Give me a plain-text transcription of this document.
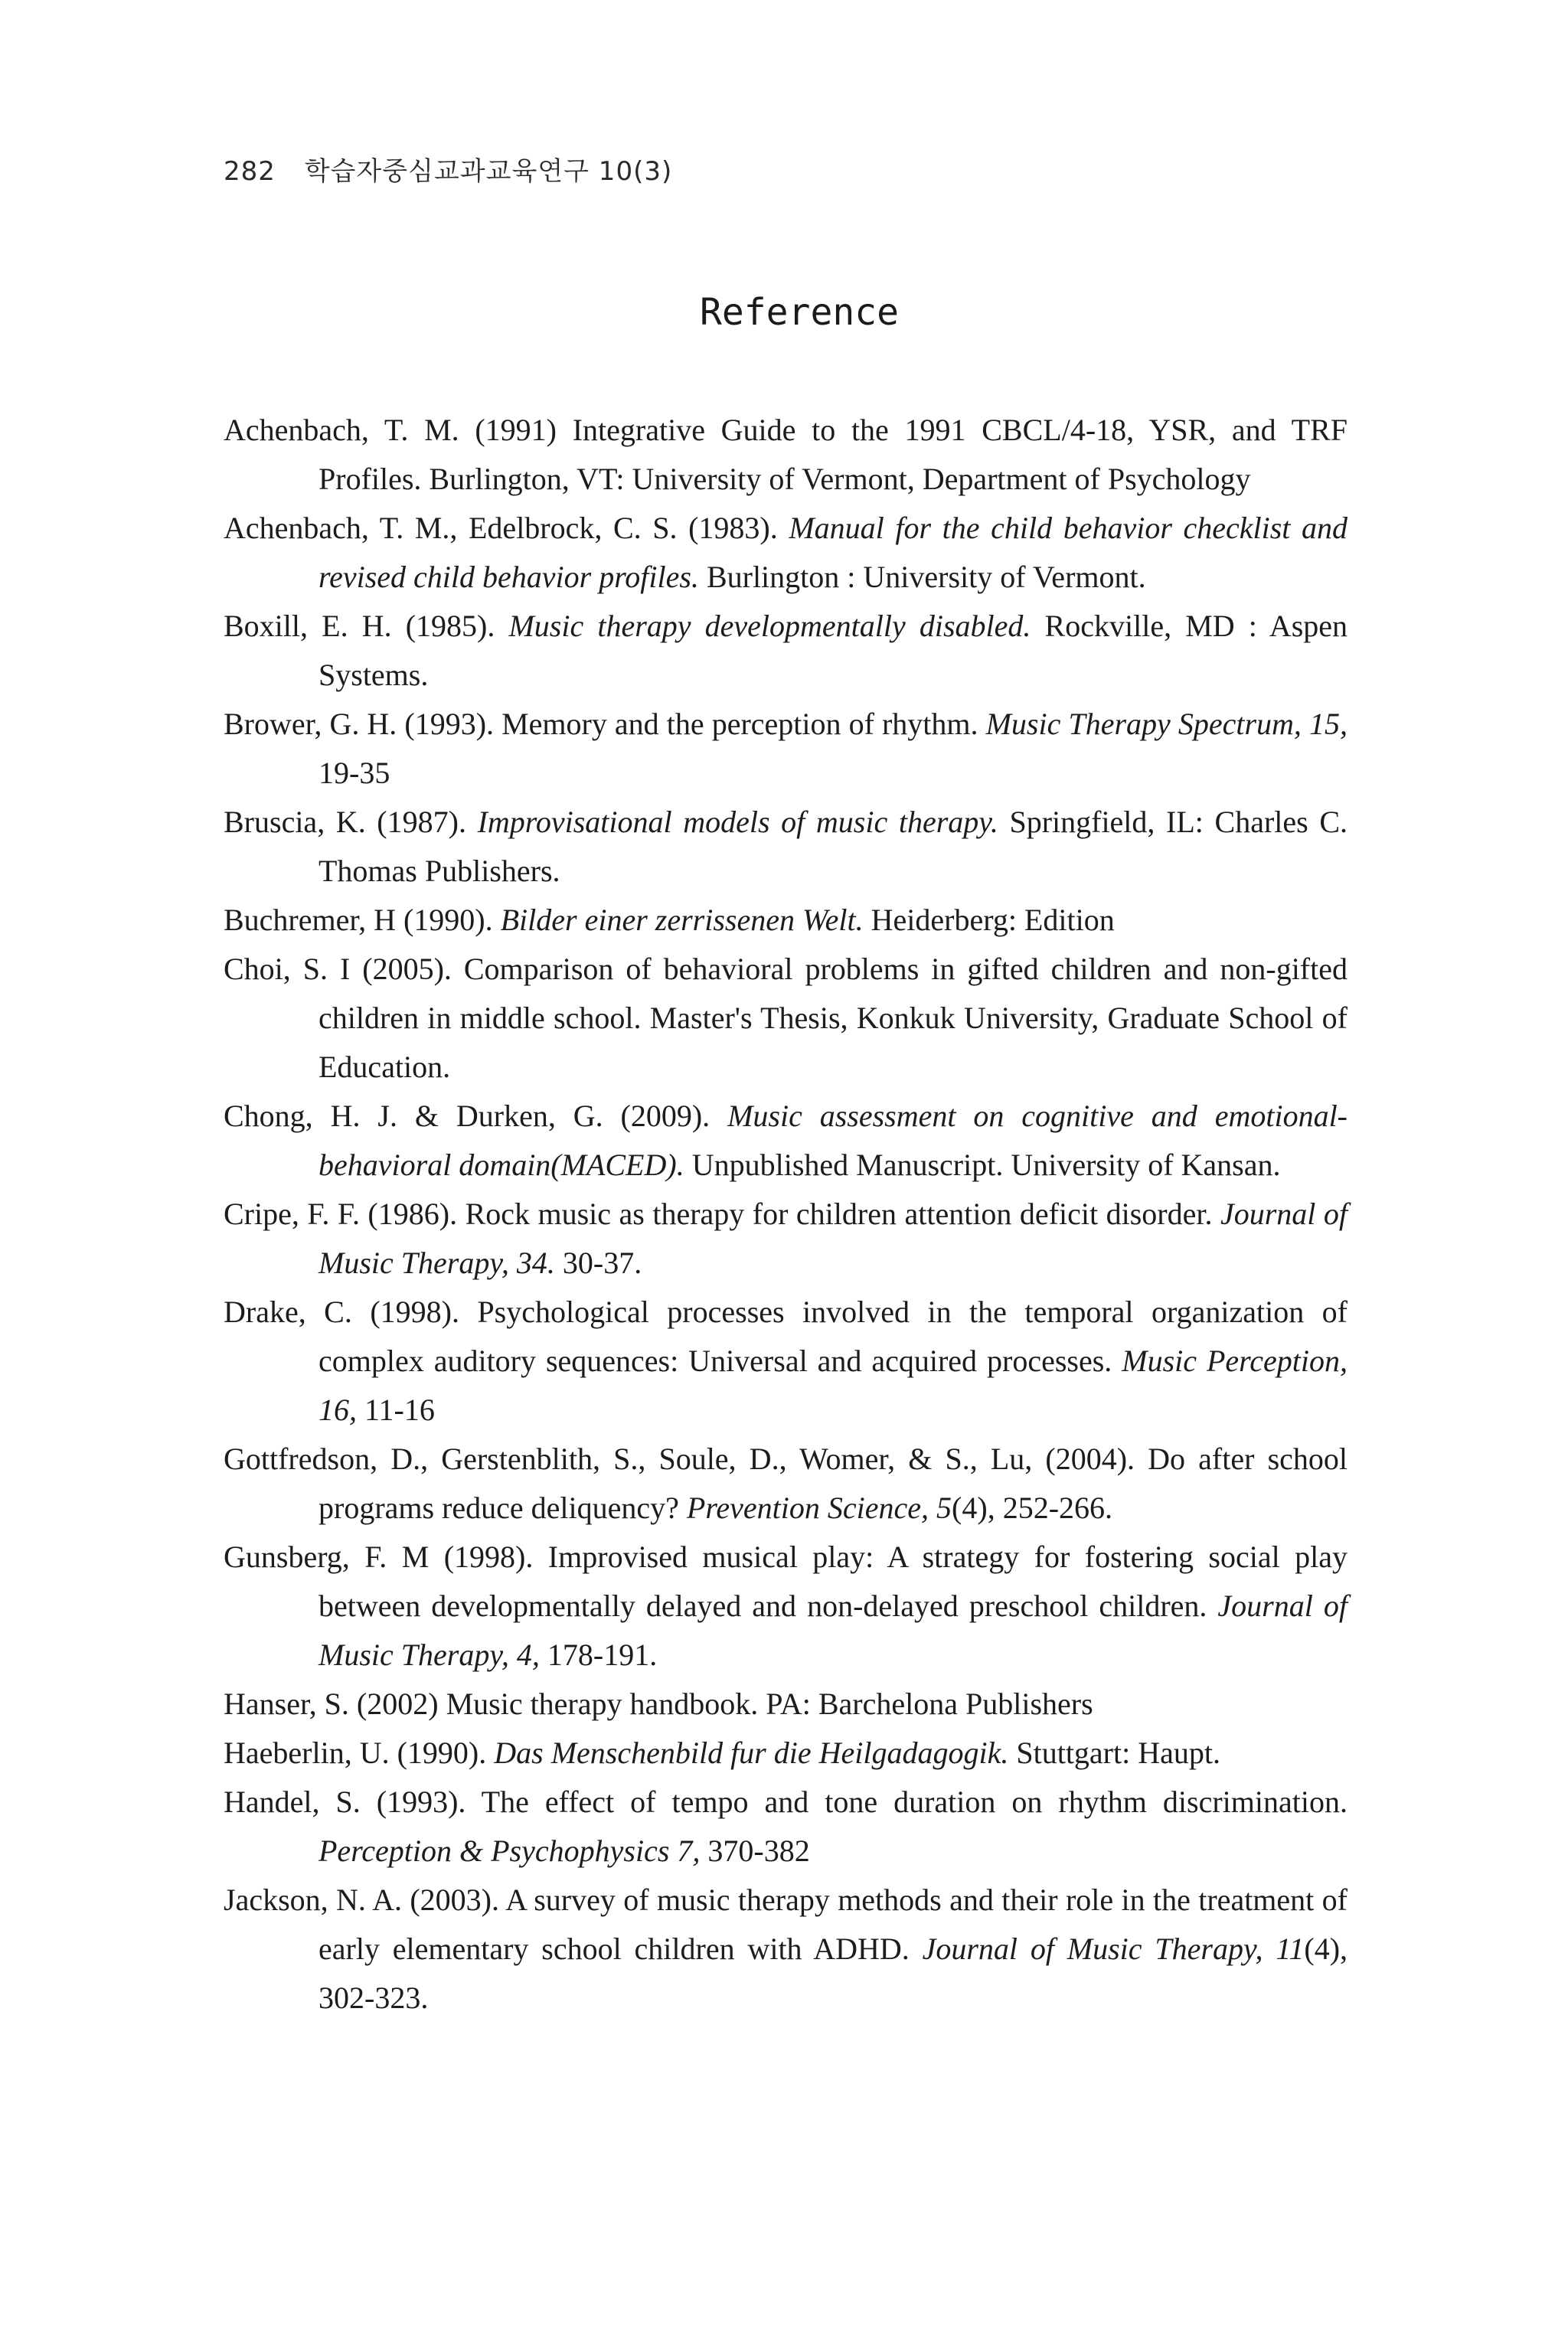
282 학습자중심교과교육연구 10(3)
Reference
Achenbach, T. M. (1991) Integrative Guide to the 1991 CBCL/4-18, YSR, and TRF Profiles. Burlington, VT: University of Vermont, Department of Psychology
Achenbach, T. M., Edelbrock, C. S. (1983). Manual for the child behavior checklist and revised child behavior profiles. Burlington : University of Vermont.
Boxill, E. H. (1985). Music therapy developmentally disabled. Rockville, MD : Aspen Systems.
Brower, G. H. (1993). Memory and the perception of rhythm. Music Therapy Spectrum, 15, 19-35
Bruscia, K. (1987). Improvisational models of music therapy. Springfield, IL: Charles C. Thomas Publishers.
Buchremer, H (1990). Bilder einer zerrissenen Welt. Heiderberg: Edition
Choi, S. I (2005). Comparison of behavioral problems in gifted children and non-gifted children in middle school. Master's Thesis, Konkuk University, Graduate School of Education.
Chong, H. J. & Durken, G. (2009). Music assessment on cognitive and emotional-behavioral domain(MACED). Unpublished Manuscript. University of Kansan.
Cripe, F. F. (1986). Rock music as therapy for children attention deficit disorder. Journal of Music Therapy, 34. 30-37.
Drake, C. (1998). Psychological processes involved in the temporal organization of complex auditory sequences: Universal and acquired processes. Music Perception, 16, 11-16
Gottfredson, D., Gerstenblith, S., Soule, D., Womer, & S., Lu, (2004). Do after school programs reduce deliquency? Prevention Science, 5(4), 252-266.
Gunsberg, F. M (1998). Improvised musical play: A strategy for fostering social play between developmentally delayed and non-delayed preschool children. Journal of Music Therapy, 4, 178-191.
Hanser, S. (2002) Music therapy handbook. PA: Barchelona Publishers
Haeberlin, U. (1990). Das Menschenbild fur die Heilgadagogik. Stuttgart: Haupt.
Handel, S. (1993). The effect of tempo and tone duration on rhythm discrimination. Perception & Psychophysics 7, 370-382
Jackson, N. A. (2003). A survey of music therapy methods and their role in the treatment of early elementary school children with ADHD. Journal of Music Therapy, 11(4), 302-323.
